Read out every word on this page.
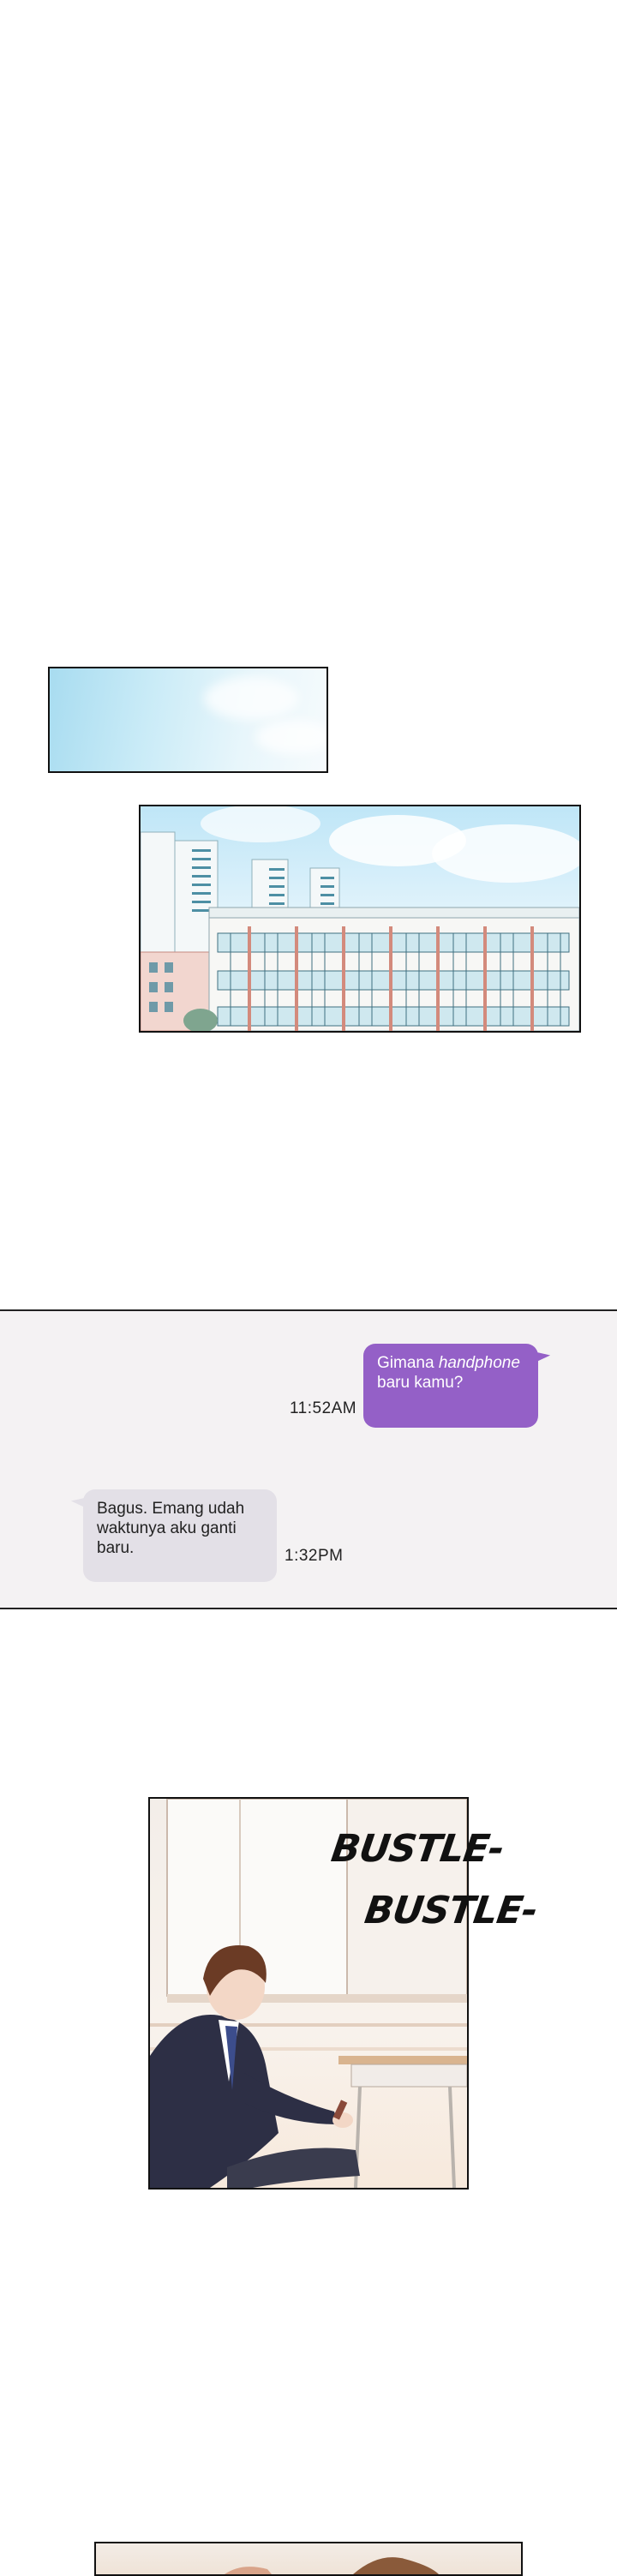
Gimana handphone baru kamu?
11:52AM
Bagus. Emang udah waktunya aku ganti baru.	1:32PM
BUSTLE-
BUSTLE-
